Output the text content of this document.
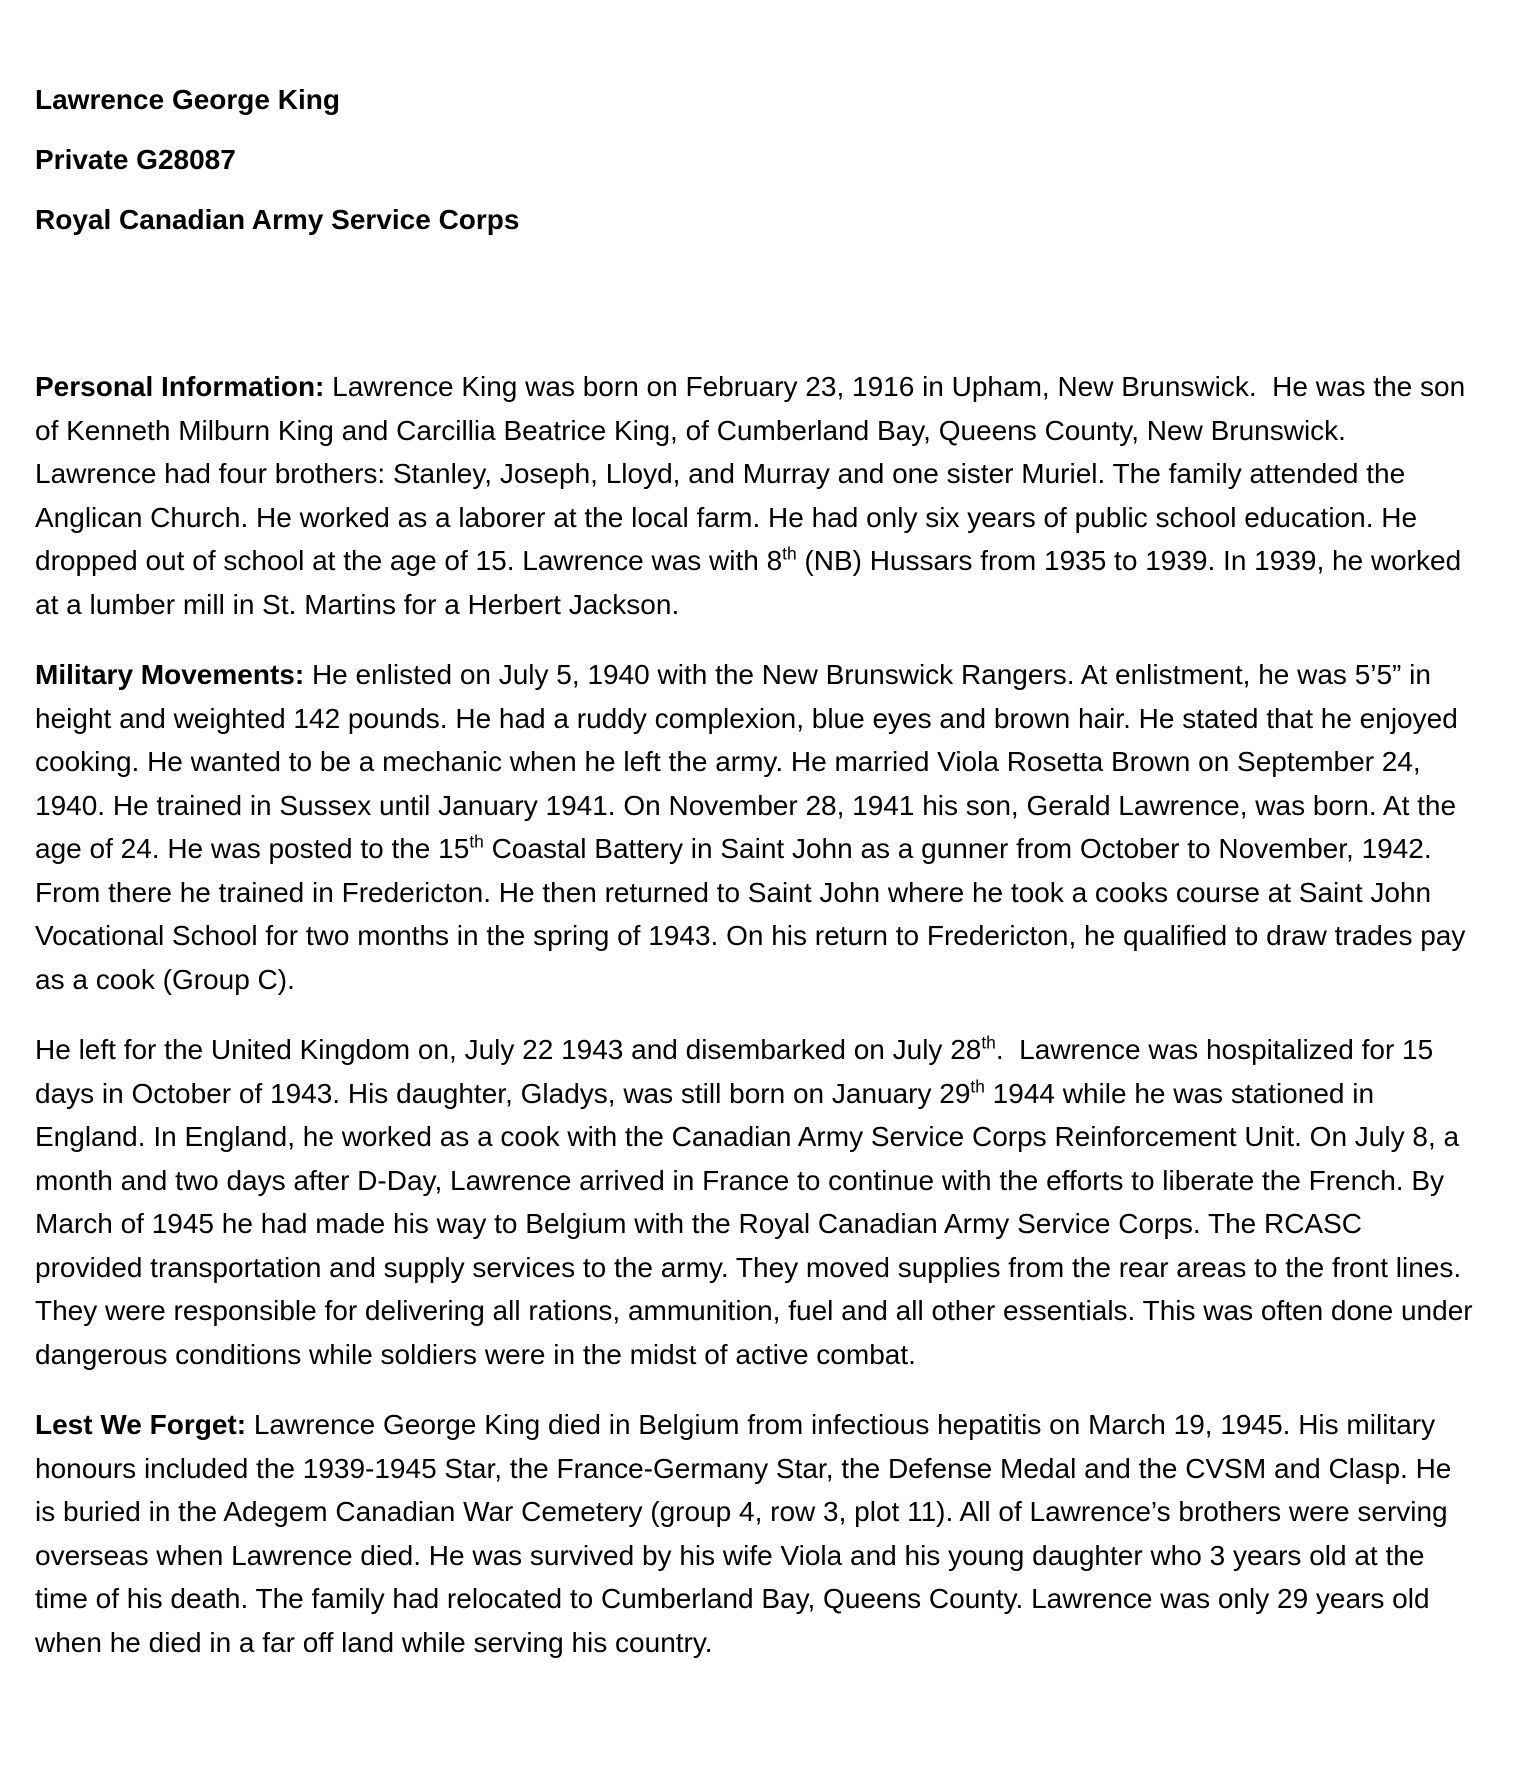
Lawrence George King

Private G28087

Royal Canadian Army Service Corps

Personal Information: Lawrence King was born on February 23, 1916 in Upham, New Brunswick.  He was the son of Kenneth Milburn King and Carcillia Beatrice King, of Cumberland Bay, Queens County, New Brunswick. Lawrence had four brothers: Stanley, Joseph, Lloyd, and Murray and one sister Muriel. The family attended the Anglican Church. He worked as a laborer at the local farm. He had only six years of public school education. He dropped out of school at the age of 15. Lawrence was with 8th (NB) Hussars from 1935 to 1939. In 1939, he worked at a lumber mill in St. Martins for a Herbert Jackson.

Military Movements: He enlisted on July 5, 1940 with the New Brunswick Rangers. At enlistment, he was 5’5” in height and weighted 142 pounds. He had a ruddy complexion, blue eyes and brown hair. He stated that he enjoyed cooking. He wanted to be a mechanic when he left the army. He married Viola Rosetta Brown on September 24, 1940. He trained in Sussex until January 1941. On November 28, 1941 his son, Gerald Lawrence, was born. At the age of 24. He was posted to the 15th Coastal Battery in Saint John as a gunner from October to November, 1942. From there he trained in Fredericton. He then returned to Saint John where he took a cooks course at Saint John Vocational School for two months in the spring of 1943. On his return to Fredericton, he qualified to draw trades pay as a cook (Group C).

He left for the United Kingdom on, July 22 1943 and disembarked on July 28th.  Lawrence was hospitalized for 15 days in October of 1943. His daughter, Gladys, was still born on January 29th 1944 while he was stationed in England. In England, he worked as a cook with the Canadian Army Service Corps Reinforcement Unit. On July 8, a month and two days after D-Day, Lawrence arrived in France to continue with the efforts to liberate the French. By March of 1945 he had made his way to Belgium with the Royal Canadian Army Service Corps. The RCASC provided transportation and supply services to the army. They moved supplies from the rear areas to the front lines. They were responsible for delivering all rations, ammunition, fuel and all other essentials. This was often done under dangerous conditions while soldiers were in the midst of active combat.

Lest We Forget: Lawrence George King died in Belgium from infectious hepatitis on March 19, 1945. His military honours included the 1939-1945 Star, the France-Germany Star, the Defense Medal and the CVSM and Clasp. He is buried in the Adegem Canadian War Cemetery (group 4, row 3, plot 11). All of Lawrence’s brothers were serving overseas when Lawrence died. He was survived by his wife Viola and his young daughter who 3 years old at the time of his death. The family had relocated to Cumberland Bay, Queens County. Lawrence was only 29 years old when he died in a far off land while serving his country.
